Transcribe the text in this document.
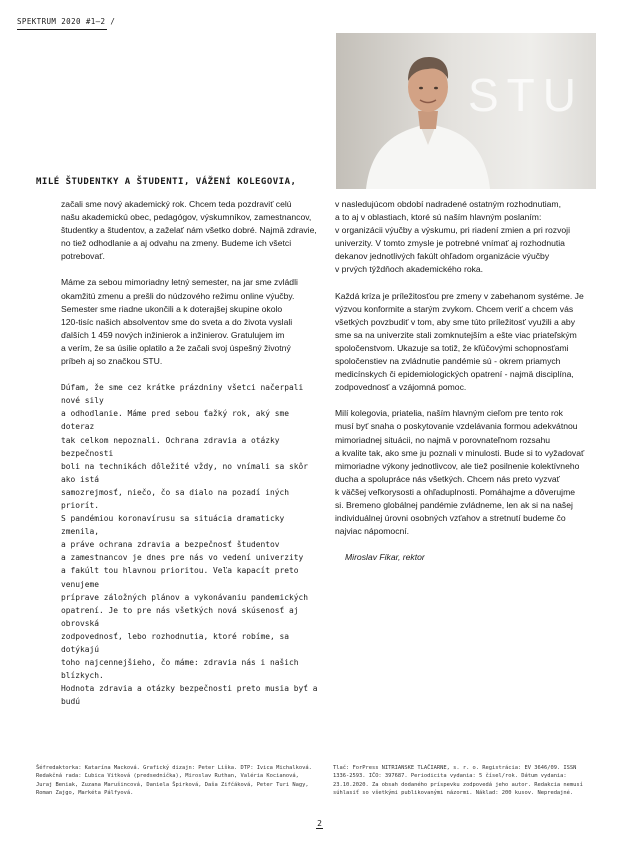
SPEKTRUM 2020 #1–2 /
STU
MILÉ ŠTUDENTKY A ŠTUDENTI, VÁŽENÍ KOLEGOVIA,

začali sme nový akademický rok. Chcem teda pozdraviť celú
našu akademickú obec, pedagógov, výskumníkov, zamestnancov,
študentky a študentov, a zaželať nám všetko dobré. Najmä zdravie,
no tiež odhodlanie a aj odvahu na zmeny. Budeme ich všetci
potrebovať.

Máme za sebou mimoriadny letný semester, na jar sme zvládli
okamžitú zmenu a prešli do núdzového režimu online výučby.
Semester sme riadne ukončili a k doterajšej skupine okolo
120-tisíc našich absolventov sme do sveta a do života vyslali
ďalších 1 459 nových inžinierok a inžinierov. Gratulujem im
a verím, že sa úsilie oplatilo a že začali svoj úspešný životný
príbeh aj so značkou STU.

Dúfam, že sme cez krátke prázdniny všetci načerpali nové sily
a odhodlanie. Máme pred sebou ťažký rok, aký sme doteraz
tak celkom nepoznali. Ochrana zdravia a otázky bezpečnosti
boli na technikách dôležité vždy, no vnímali sa skôr ako istá
samozrejmosť, niečo, čo sa dialo na pozadí iných priorít.
S pandémiou koronavírusu sa situácia dramaticky zmenila,
a práve ochrana zdravia a bezpečnosť študentov
a zamestnancov je dnes pre nás vo vedení univerzity
a fakúlt tou hlavnou prioritou. Veľa kapacít preto venujeme
príprave záložných plánov a vykonávaniu pandemických
opatrení. Je to pre nás všetkých nová skúsenosť aj obrovská
zodpovednosť, lebo rozhodnutia, ktoré robíme, sa dotýkajú
toho najcennejšieho, čo máme: zdravia nás i našich blízkych.
Hodnota zdravia a otázky bezpečnosti preto musia byť a budú

v nasledujúcom období nadradené ostatným rozhodnutiam,
a to aj v oblastiach, ktoré sú naším hlavným poslaním:
v organizácii výučby a výskumu, pri riadení zmien a pri rozvoji
univerzity. V tomto zmysle je potrebné vnímať aj rozhodnutia
dekanov jednotlivých fakúlt ohľadom organizácie výučby
v prvých týždňoch akademického roka.

Každá kríza je príležitosťou pre zmeny v zabehanom systéme. Je
výzvou konformite a starým zvykom. Chcem veriť a chcem vás
všetkých povzbudiť v tom, aby sme túto príležitosť využili a aby
sme sa na univerzite stali zomknutejším a ešte viac priateľským
spoločenstvom. Ukazuje sa totiž, že kľúčovými schopnosťami
spoločenstiev na zvládnutie pandémie sú - okrem priamych
medicínskych či epidemiologických opatrení - najmä disciplína,
zodpovednosť a vzájomná pomoc.

Milí kolegovia, priatelia, naším hlavným cieľom pre tento rok
musí byť snaha o poskytovanie vzdelávania formou adekvátnou
mimoriadnej situácii, no najmä v porovnateľnom rozsahu
a kvalite tak, ako sme ju poznali v minulosti. Bude si to vyžadovať
mimoriadne výkony jednotlivcov, ale tiež posilnenie kolektívneho
ducha a spolupráce nás všetkých. Chcem nás preto vyzvať
k väčšej veľkorysosti a ohľaduplnosti. Pomáhajme a dôverujme
si. Bremeno globálnej pandémie zvládneme, len ak si na našej
individuálnej úrovni osobných vzťahov a stretnutí budeme čo
najviac nápomocní.

Miroslav Fikar, rektor

Šéfredaktorka: Katarína Macková. Grafický dizajn: Peter Liška. DTP: Ivica Michalková.
Redakčná rada: Ľubica Vitková (predsedníčka), Miroslav Ruthan, Valéria Kocianová,
Juraj Beniak, Zuzana Marušincová, Daniela Špirková, Daša Zifčáková, Peter Turi Nagy,
Roman Zajgo, Markéta Pálfyová.
Tlač: ForPress NITRIANSKE TLAČIARNE, s. r. o. Registrácia: EV 3646/09. ISSN
1336-2593. IČO: 397687. Periodicita vydania: 5 čísel/rok. Dátum vydania:
23.10.2020. Za obsah dodaného príspevku zodpovedá jeho autor. Redakcia nemusí
súhlasiť so všetkými publikovanými názormi. Náklad: 200 kusov. Nepredajné.
2
